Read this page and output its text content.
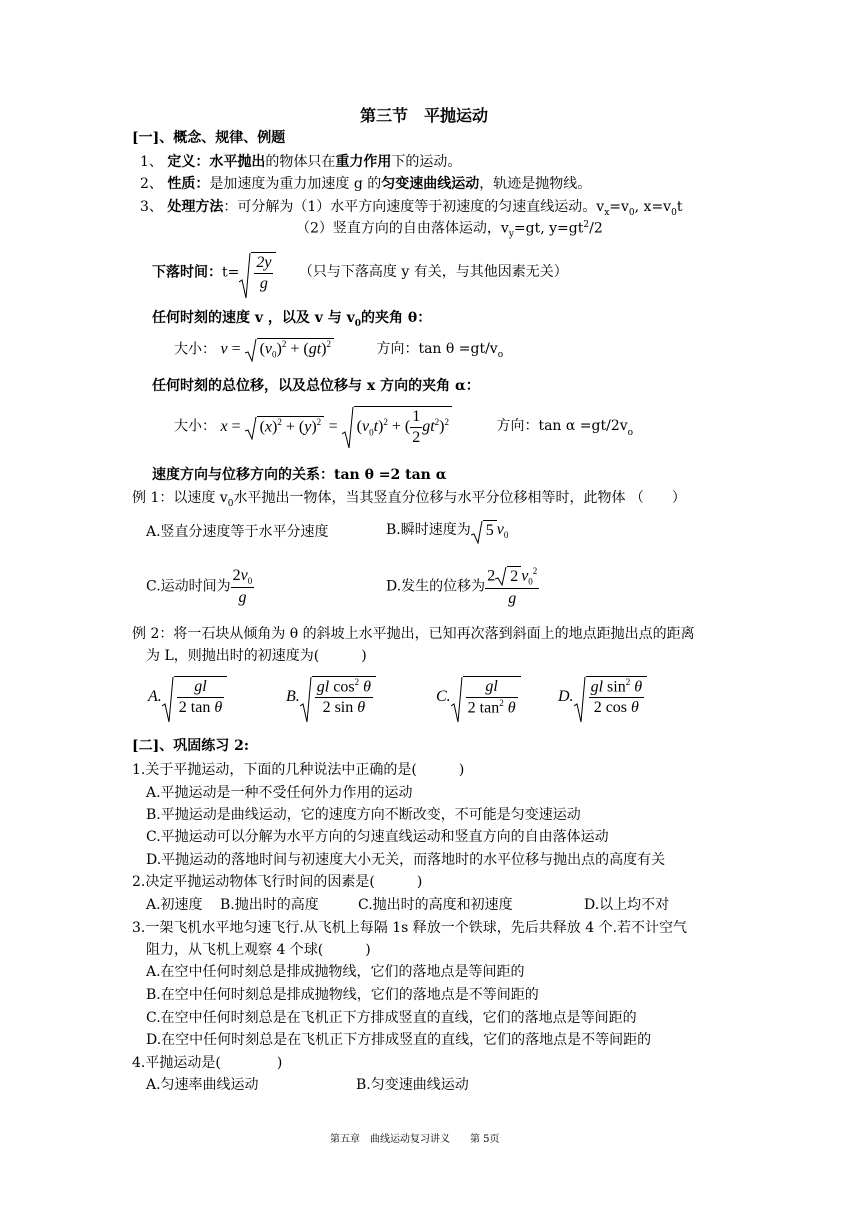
第三节　平抛运动
[一]、概念、规律、例题
1、 定义：水平抛出的物体只在重力作用下的运动。
2、 性质：是加速度为重力加速度 g 的匀变速曲线运动，轨迹是抛物线。
3、 处理方法：可分解为（1）水平方向速度等于初速度的匀速直线运动。$v_x=v_0$, $x=v_0t$
（2）竖直方向的自由落体运动，$v_y=gt$, $y=gt^2/2$
下落时间：$t= \frac{2y}{g}$ （只与下落高度 y 有关，与其他因素无关）
任何时刻的速度 v ，以及 v 与 $v_0$的夹角 θ：
大小： v =
$(v_0)^2 + (gt)^2$	方向：$\tan \theta =gt/v_o$
任何时刻的总位移，以及总位移与 x 方向的夹角 α：
大小： x =
$(x)^2 + (y)^2$ =
$(v_0t)^2$ + ( $\frac{1}{2} gt^2)^2$	方向：$\tan \alpha =gt/2v_o$
速度方向与位移方向的关系：tan θ =2 tan α
例 1：以速度 $v_0$水平抛出一物体，当其竖直分位移与水平分位移相等时，此物体 （　　）
A.竖直分速度等于水平分速度	B.瞬时速度为 5 $v_0$
C.运动时间为 $\frac{2v_0}{g}$	D.发生的位移为 $\frac{2 2 v_0^2}{g}$
例 2：将一石块从倾角为 θ 的斜坡上水平抛出，已知再次落到斜面上的地点距抛出点的距离
为 L，则抛出时的初速度为(　　　)
A. $\frac{gl}{\text{2 tan θ}}$	B. $\frac{gl \cos^2 \theta}{\text{2 sin θ}}$	C. $\frac{gl}{2 \tan^2 \theta}$	D. $\frac{gl \sin^2 \theta}{\text{2 cos θ}}$
[二]、巩固练习 2:
1.关于平抛运动，下面的几种说法中正确的是(　　　)
A.平抛运动是一种不受任何外力作用的运动
B.平抛运动是曲线运动，它的速度方向不断改变，不可能是匀变速运动
C.平抛运动可以分解为水平方向的匀速直线运动和竖直方向的自由落体运动
D.平抛运动的落地时间与初速度大小无关，而落地时的水平位移与抛出点的高度有关
2.决定平抛运动物体飞行时间的因素是(　　　)
A.初速度 B.抛出时的高度	C.抛出时的高度和初速度	D.以上均不对
3.一架飞机水平地匀速飞行.从飞机上每隔 1s 释放一个铁球，先后共释放 4 个.若不计空气
阻力，从飞机上观察 4 个球(　　　)
A.在空中任何时刻总是排成抛物线，它们的落地点是等间距的
B.在空中任何时刻总是排成抛物线，它们的落地点是不等间距的
C.在空中任何时刻总是在飞机正下方排成竖直的直线，它们的落地点是等间距的
D.在空中任何时刻总是在飞机正下方排成竖直的直线，它们的落地点是不等间距的
4.平抛运动是(　　　　)
A.匀速率曲线运动	B.匀变速曲线运动
第五章　曲线运动复习讲义　　第 5页
